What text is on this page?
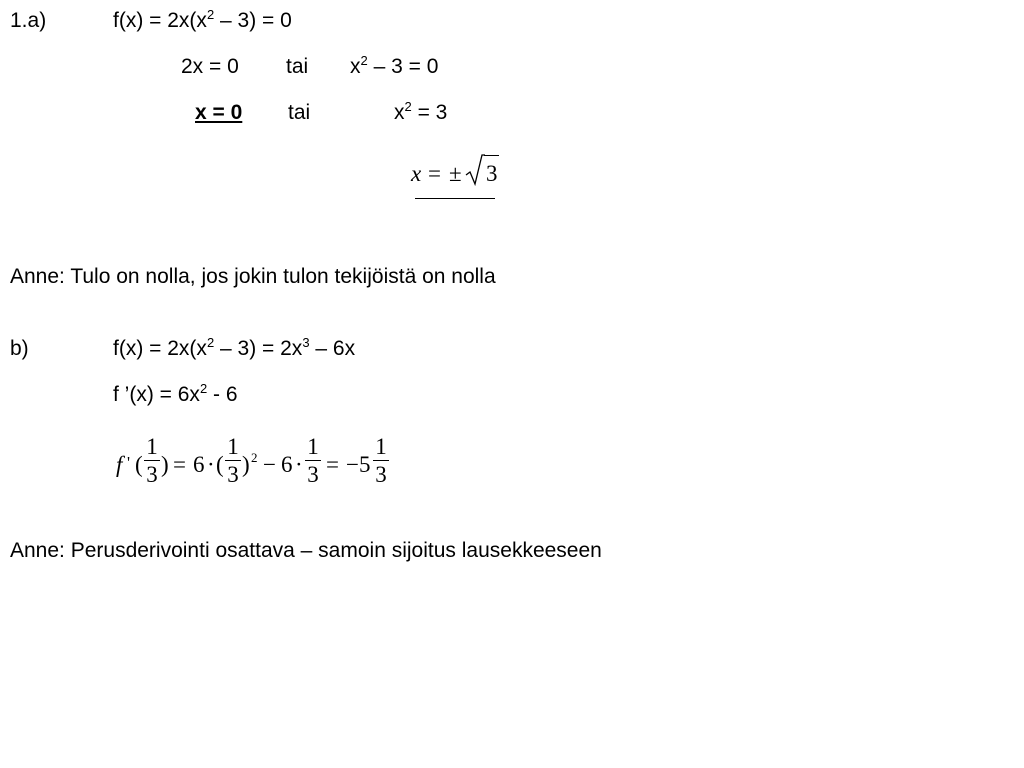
1.a)	$f(x) = 2x(x^2 - 3) = 0$
2x = 0 tai $x^2 - 3 = 0$
x = 0 tai	$x^2 = 3$
x = ± 3
Anne: Tulo on nolla, jos jokin tulon tekijöistä on nolla
b)	$f(x) = 2x(x^2 - 3) = 2x^3 - 6x$
f ’(x) = $6x^2 - 6$
f ' (
1
3 ) = 6 · (
1
3 ) 2 − 6 ·
1
3 = −5
1
3
Anne: Perusderivointi osattava – samoin sijoitus lausekkeeseen
